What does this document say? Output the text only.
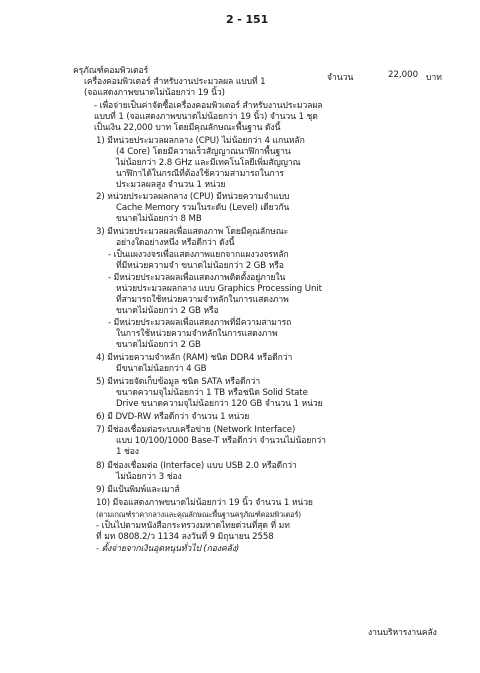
2 - 151
ครุภัณฑ์คอมพิวเตอร์
เครื่องคอมพิวเตอร์ สำหรับงานประมวลผล แบบที่ 1
(จอแสดงภาพขนาดไม่น้อยกว่า 19 นิ้ว)
จำนวน	22,000 บาท
- เพื่อจ่ายเป็นค่าจัดซื้อเครื่องคอมพิวเตอร์ สำหรับงานประมวลผล
แบบที่ 1 (จอแสดงภาพขนาดไม่น้อยกว่า 19 นิ้ว) จำนวน 1 ชุด
เป็นเงิน 22,000 บาท โดยมีคุณลักษณะพื้นฐาน ดังนี้
1) มีหน่วยประมวลผลกลาง (CPU) ไม่น้อยกว่า 4 แกนหลัก
(4 Core) โดยมีความเร็วสัญญาณนาฬิกาพื้นฐาน
ไม่น้อยกว่า 2.8 GHz และมีเทคโนโลยีเพิ่มสัญญาณ
นาฬิกาได้ในกรณีที่ต้องใช้ความสามารถในการ
ประมวลผลสูง จำนวน 1 หน่วย
2) หน่วยประมวลผลกลาง (CPU) มีหน่วยความจำแบบ
Cache Memory รวมในระดับ (Level) เดียวกัน
ขนาดไม่น้อยกว่า 8 MB
3) มีหน่วยประมวลผลเพื่อแสดงภาพ โดยมีคุณลักษณะ
อย่างใดอย่างหนึ่ง หรือดีกว่า ดังนี้
- เป็นแผงวงจรเพื่อแสดงภาพแยกจากแผงวงจรหลัก
ที่มีหน่วยความจำ ขนาดไม่น้อยกว่า 2 GB หรือ
- มีหน่วยประมวลผลเพื่อแสดงภาพติดตั้งอยู่ภายใน
หน่วยประมวลผลกลาง แบบ Graphics Processing Unit
ที่สามารถใช้หน่วยความจำหลักในการแสดงภาพ
ขนาดไม่น้อยกว่า 2 GB หรือ
- มีหน่วยประมวลผลเพื่อแสดงภาพที่มีความสามารถ
ในการใช้หน่วยความจำหลักในการแสดงภาพ
ขนาดไม่น้อยกว่า 2 GB
4) มีหน่วยความจำหลัก (RAM) ชนิด DDR4 หรือดีกว่า
มีขนาดไม่น้อยกว่า 4 GB
5) มีหน่วยจัดเก็บข้อมูล ชนิด SATA หรือดีกว่า
ขนาดความจุไม่น้อยกว่า 1 TB หรือชนิด Solid State
Drive ขนาดความจุไม่น้อยกว่า 120 GB จำนวน 1 หน่วย
6) มี DVD-RW หรือดีกว่า จำนวน 1 หน่วย
7) มีช่องเชื่อมต่อระบบเครือข่าย (Network Interface)
แบบ 10/100/1000 Base-T หรือดีกว่า จำนวนไม่น้อยกว่า
1 ช่อง
8) มีช่องเชื่อมต่อ (Interface) แบบ USB 2.0 หรือดีกว่า
ไม่น้อยกว่า 3 ช่อง
9) มีแป้นพิมพ์และเมาส์
10) มีจอแสดงภาพขนาดไม่น้อยกว่า 19 นิ้ว จำนวน 1 หน่วย
(ตามเกณฑ์ราคากลางและคุณลักษณะพื้นฐานครุภัณฑ์คอมพิวเตอร์)
- เป็นไปตามหนังสือกระทรวงมหาดไทยด่วนที่สุด ที่ มท
ที่ มท 0808.2/ว 1134 ลงวันที่ 9 มิถุนายน 2558
- ตั้งจ่ายจากเงินอุดหนุนทั่วไป (กองคลัง)
งานบริหารงานคลัง
